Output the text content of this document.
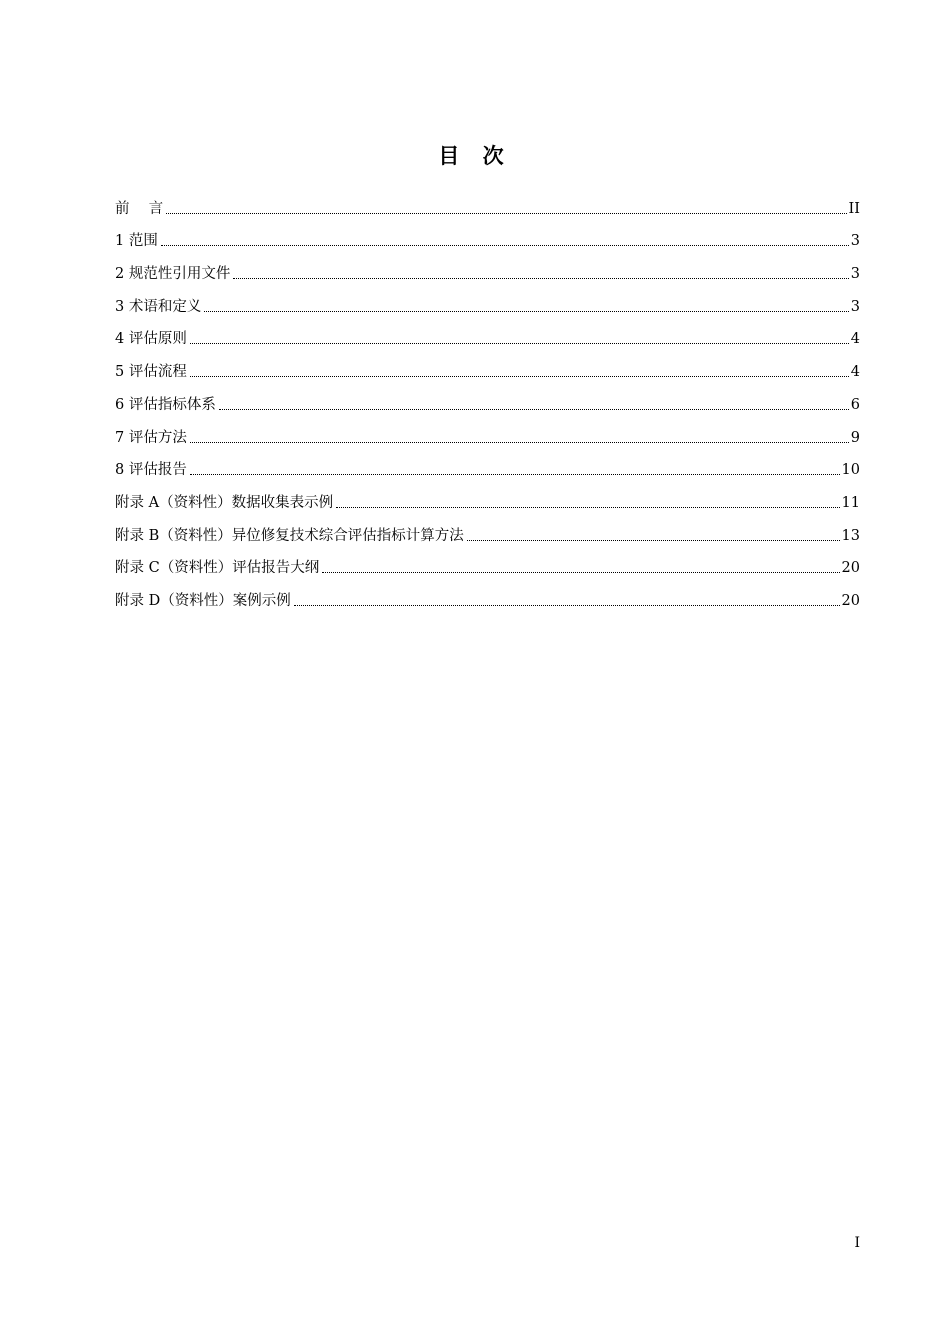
目 次
前　 言	II
1 范围	3
2 规范性引用文件	3
3 术语和定义	3
4 评估原则	4
5 评估流程	4
6 评估指标体系	6
7 评估方法	9
8 评估报告	10
附录 A（资料性）数据收集表示例	11
附录 B（资料性）异位修复技术综合评估指标计算方法	13
附录 C（资料性）评估报告大纲	20
附录 D（资料性）案例示例	20
I
